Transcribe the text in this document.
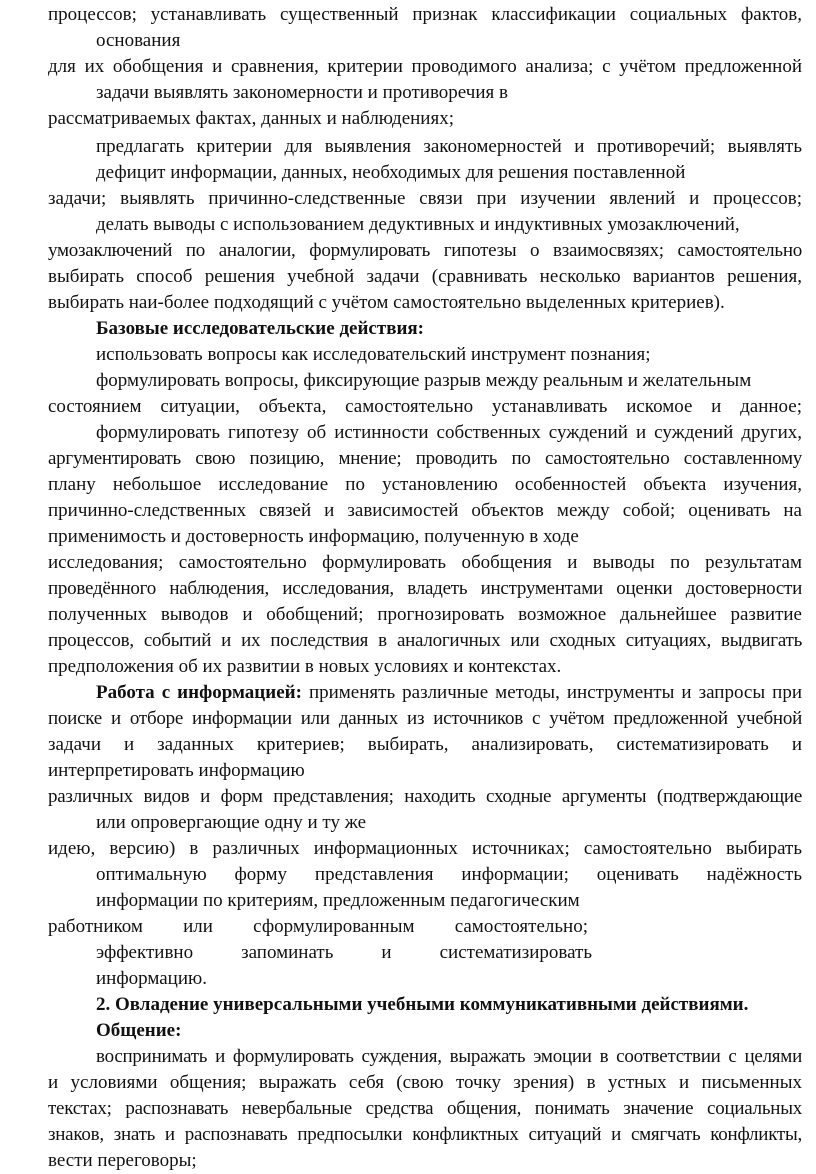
процессов; устанавливать существенный признак классификации социальных фактов,
основания
для их обобщения и сравнения, критерии проводимого анализа; с учётом предложенной
задачи выявлять закономерности и противоречия в
рассматриваемых фактах, данных и наблюдениях;
предлагать критерии для выявления закономерностей и противоречий; выявлять
дефицит информации, данных, необходимых для решения поставленной
задачи; выявлять причинно-следственные связи при изучении явлений и процессов;
делать выводы с использованием дедуктивных и индуктивных умозаключений,
умозаключений по аналогии, формулировать гипотезы о взаимосвязях; самостоятельно
выбирать способ решения учебной задачи (сравнивать несколько вариантов решения,
выбирать наи-более подходящий с учётом самостоятельно выделенных критериев).
Базовые исследовательские действия:
использовать вопросы как исследовательский инструмент познания;
формулировать вопросы, фиксирующие разрыв между реальным и желательным
состоянием ситуации, объекта, самостоятельно устанавливать искомое и данное;
формулировать гипотезу об истинности собственных суждений и суждений других,
аргументировать свою позицию, мнение; проводить по самостоятельно составленному
плану небольшое исследование по установлению особенностей объекта изучения,
причинно-следственных связей и зависимостей объектов между собой; оценивать на
применимость и достоверность информацию, полученную в ходе
исследования; самостоятельно формулировать обобщения и выводы по результатам
проведённого наблюдения, исследования, владеть инструментами оценки достоверности
полученных выводов и обобщений; прогнозировать возможное дальнейшее развитие
процессов, событий и их последствия в аналогичных или сходных ситуациях, выдвигать
предположения об их развитии в новых условиях и контекстах.
Работа с информацией: применять различные методы, инструменты и запросы при
поиске и отборе информации или данных из источников с учётом предложенной учебной
задачи и заданных критериев; выбирать, анализировать, систематизировать и
интерпретировать информацию
различных видов и форм представления; находить сходные аргументы (подтверждающие
или опровергающие одну и ту же
идею, версию) в различных информационных источниках; самостоятельно выбирать
оптимальную форму представления информации; оценивать надёжность
информации по критериям, предложенным педагогическим
работником или сформулированным самостоятельно;
эффективно запоминать и систематизировать
информацию.
2. Овладение универсальными учебными коммуникативными действиями.
Общение:
воспринимать и формулировать суждения, выражать эмоции в соответствии с целями
и условиями общения; выражать себя (свою точку зрения) в устных и письменных
текстах; распознавать невербальные средства общения, понимать значение социальных
знаков, знать и распознавать предпосылки конфликтных ситуаций и смягчать конфликты,
вести переговоры;
